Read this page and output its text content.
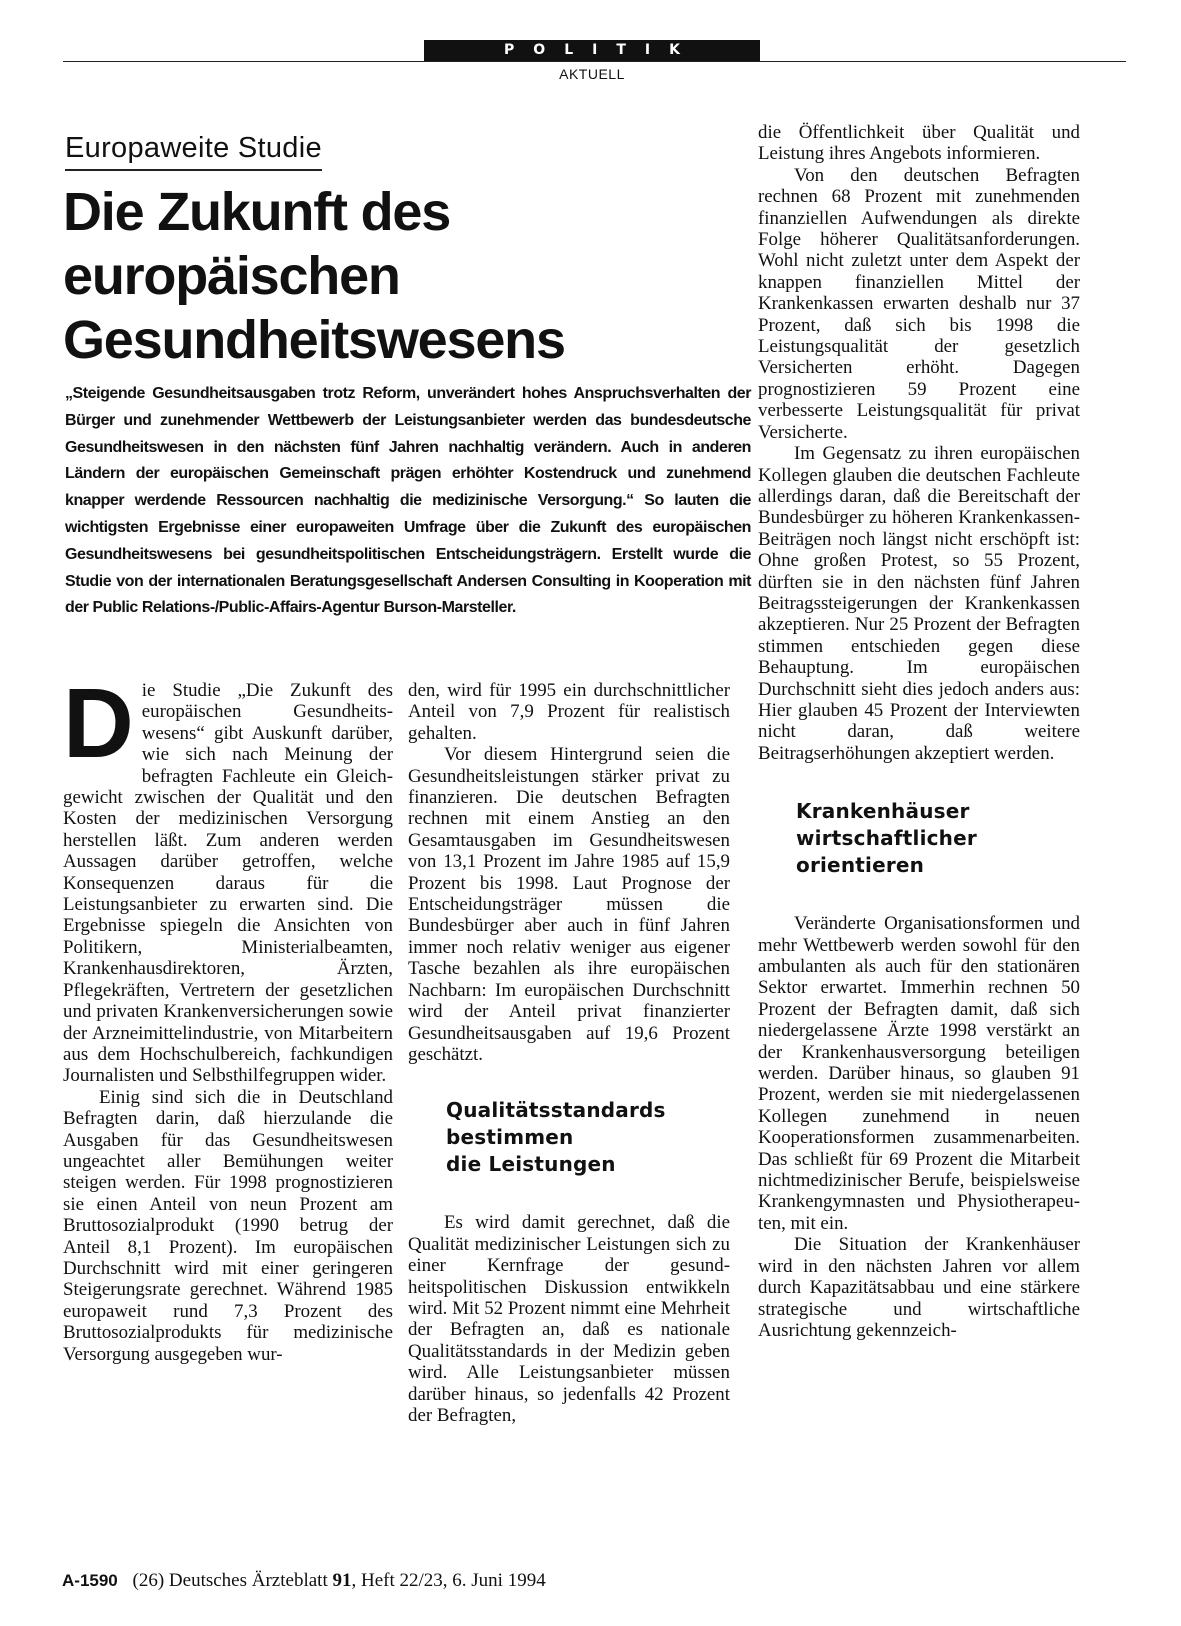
POLITIK
AKTUELL
Europaweite Studie
Die Zukunft des
europäischen
Gesundheitswesens
„Steigende Gesundheitsausgaben trotz Reform, unverändert hohes Anspruchsverhalten der Bürger und zunehmender Wettbewerb der Leistungsanbieter werden das bundesdeutsche Gesundheitswesen in den nächsten fünf Jahren nachhaltig verändern. Auch in anderen Ländern der europäischen Gemeinschaft prägen erhöhter Kostendruck und zunehmend knapper werdende Ressourcen nachhaltig die medizinische Versorgung.“ So lauten die wichtigsten Ergebnisse einer europaweiten Umfrage über die Zukunft des europäischen Gesundheitswesens bei gesundheitspolitischen Entscheidungsträgern. Erstellt wurde die Studie von der internationalen Beratungsgesellschaft Andersen Consulting in Kooperation mit der Public Relations-/Public-Affairs-Agentur Burson-Marsteller.

D ie Studie „Die Zukunft des europäischen Gesundheitswesens“ gibt Auskunft darüber, wie sich nach Meinung der befragten Fachleute ein Gleichgewicht zwischen der Qualität und den Kosten der medizinischen Versorgung herstellen läßt. Zum anderen werden Aussagen darüber getroffen, welche Konsequenzen daraus für die Leistungsanbieter zu erwarten sind. Die Ergebnisse spiegeln die Ansichten von Politikern, Ministerialbeamten, Krankenhausdirektoren, Ärzten, Pflegekräften, Vertretern der gesetzlichen und privaten Krankenversicherungen sowie der Arzneimittelindustrie, von Mitarbeitern aus dem Hochschulbereich, fachkundigen Journalisten und Selbsthilfegruppen wider.

Einig sind sich die in Deutschland Befragten darin, daß hierzulande die Ausgaben für das Gesundheitswesen ungeachtet aller Bemühungen weiter steigen werden. Für 1998 prognostizieren sie einen Anteil von neun Prozent am Bruttosozialprodukt (1990 betrug der Anteil 8,1 Prozent). Im europäischen Durchschnitt wird mit einer geringeren Steigerungsrate gerechnet. Während 1985 europaweit rund 7,3 Prozent des Bruttosozialprodukts für medizinische Versorgung ausgegeben wur-

den, wird für 1995 ein durchschnittlicher Anteil von 7,9 Prozent für realistisch gehalten.

Vor diesem Hintergrund seien die Gesundheitsleistungen stärker privat zu finanzieren. Die deutschen Befragten rechnen mit einem Anstieg an den Gesamtausgaben im Gesundheitswesen von 13,1 Prozent im Jahre 1985 auf 15,9 Prozent bis 1998. Laut Prognose der Entscheidungsträger müssen die Bundesbürger aber auch in fünf Jahren immer noch relativ weniger aus eigener Tasche bezahlen als ihre europäischen Nachbarn: Im europäischen Durchschnitt wird der Anteil privat finanzierter Gesundheitsausgaben auf 19,6 Prozent geschätzt.

Qualitätsstandards
bestimmen
die Leistungen

Es wird damit gerechnet, daß die Qualität medizinischer Leistungen sich zu einer Kernfrage der gesundheitspolitischen Diskussion entwikkeln wird. Mit 52 Prozent nimmt eine Mehrheit der Befragten an, daß es nationale Qualitätsstandards in der Medizin geben wird. Alle Leistungsanbieter müssen darüber hinaus, so jedenfalls 42 Prozent der Befragten,

die Öffentlichkeit über Qualität und Leistung ihres Angebots informieren.

Von den deutschen Befragten rechnen 68 Prozent mit zunehmenden finanziellen Aufwendungen als direkte Folge höherer Qualitätsanforderungen. Wohl nicht zuletzt unter dem Aspekt der knappen finanziellen Mittel der Krankenkassen erwarten deshalb nur 37 Prozent, daß sich bis 1998 die Leistungsqualität der gesetzlich Versicherten erhöht. Dagegen prognostizieren 59 Prozent eine verbesserte Leistungsqualität für privat Versicherte.

Im Gegensatz zu ihren europäischen Kollegen glauben die deutschen Fachleute allerdings daran, daß die Bereitschaft der Bundesbürger zu höheren Krankenkassen-Beiträgen noch längst nicht erschöpft ist: Ohne großen Protest, so 55 Prozent, dürften sie in den nächsten fünf Jahren Beitragssteigerungen der Krankenkassen akzeptieren. Nur 25 Prozent der Befragten stimmen entschieden gegen diese Behauptung. Im europäischen Durchschnitt sieht dies jedoch anders aus: Hier glauben 45 Prozent der Interviewten nicht daran, daß weitere Beitragserhöhungen akzeptiert werden.

Krankenhäuser
wirtschaftlicher
orientieren

Veränderte Organisationsformen und mehr Wettbewerb werden sowohl für den ambulanten als auch für den stationären Sektor erwartet. Immerhin rechnen 50 Prozent der Befragten damit, daß sich niedergelassene Ärzte 1998 verstärkt an der Krankenhausversorgung beteiligen werden. Darüber hinaus, so glauben 91 Prozent, werden sie mit niedergelassenen Kollegen zunehmend in neuen Kooperationsformen zusammenarbeiten. Das schließt für 69 Prozent die Mitarbeit nichtmedizinischer Berufe, beispielsweise Krankengymnasten und Physiotherapeuten, mit ein.

Die Situation der Krankenhäuser wird in den nächsten Jahren vor allem durch Kapazitätsabbau und eine stärkere strategische und wirtschaftliche Ausrichtung gekennzeich-

A-1590 (26) Deutsches Ärzteblatt 91, Heft 22/23, 6. Juni 1994
